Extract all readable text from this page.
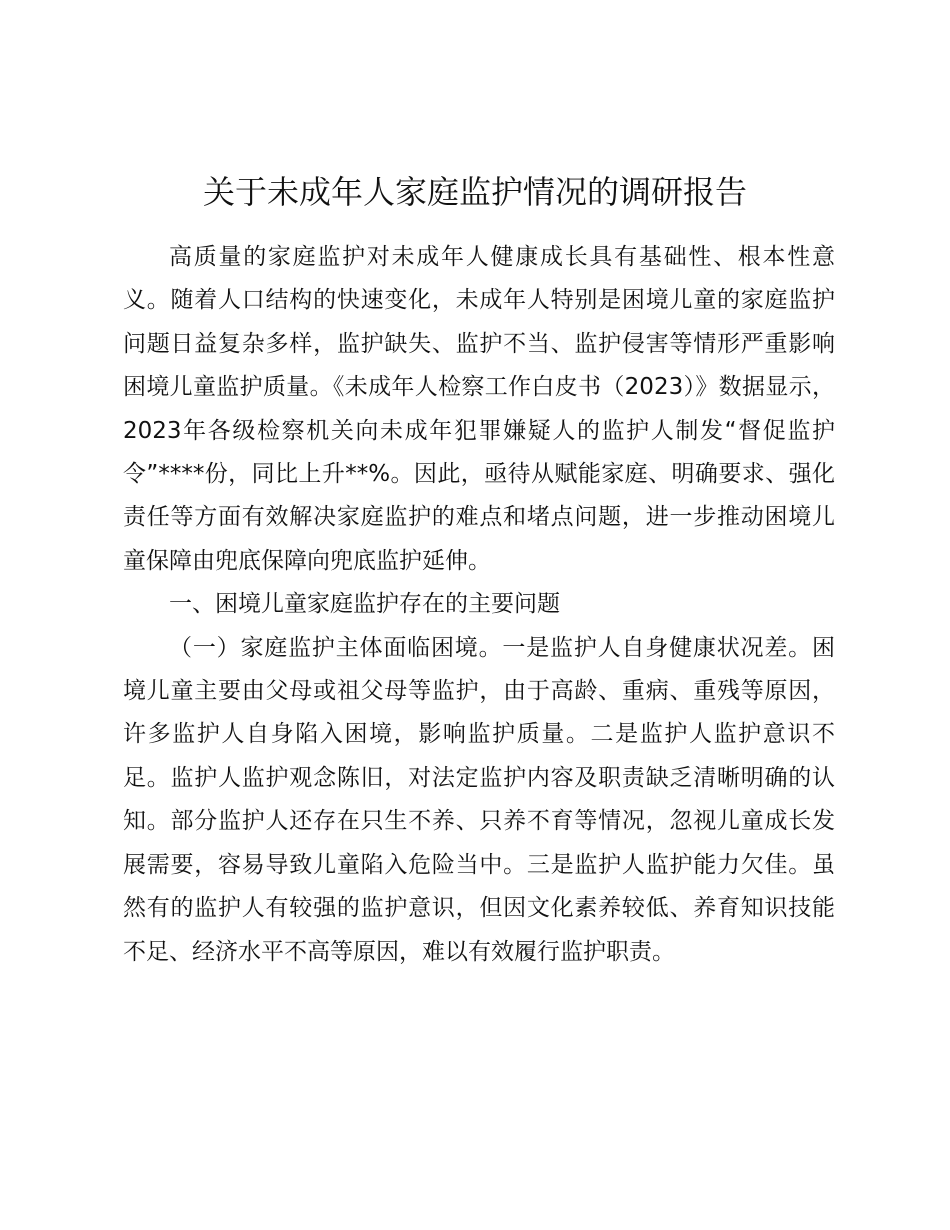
关于未成年人家庭监护情况的调研报告

高质量的家庭监护对未成年人健康成长具有基础性、根本性意义。随着人口结构的快速变化，未成年人特别是困境儿童的家庭监护问题日益复杂多样，监护缺失、监护不当、监护侵害等情形严重影响困境儿童监护质量。《未成年人检察工作白皮书（2023）》数据显示，2023年各级检察机关向未成年犯罪嫌疑人的监护人制发“督促监护令”****份，同比上升**%。因此，亟待从赋能家庭、明确要求、强化责任等方面有效解决家庭监护的难点和堵点问题，进一步推动困境儿童保障由兜底保障向兜底监护延伸。

一、困境儿童家庭监护存在的主要问题

（一）家庭监护主体面临困境。一是监护人自身健康状况差。困境儿童主要由父母或祖父母等监护，由于高龄、重病、重残等原因，许多监护人自身陷入困境，影响监护质量。二是监护人监护意识不足。监护人监护观念陈旧，对法定监护内容及职责缺乏清晰明确的认知。部分监护人还存在只生不养、只养不育等情况，忽视儿童成长发展需要，容易导致儿童陷入危险当中。三是监护人监护能力欠佳。虽然有的监护人有较强的监护意识，但因文化素养较低、养育知识技能不足、经济水平不高等原因，难以有效履行监护职责。
